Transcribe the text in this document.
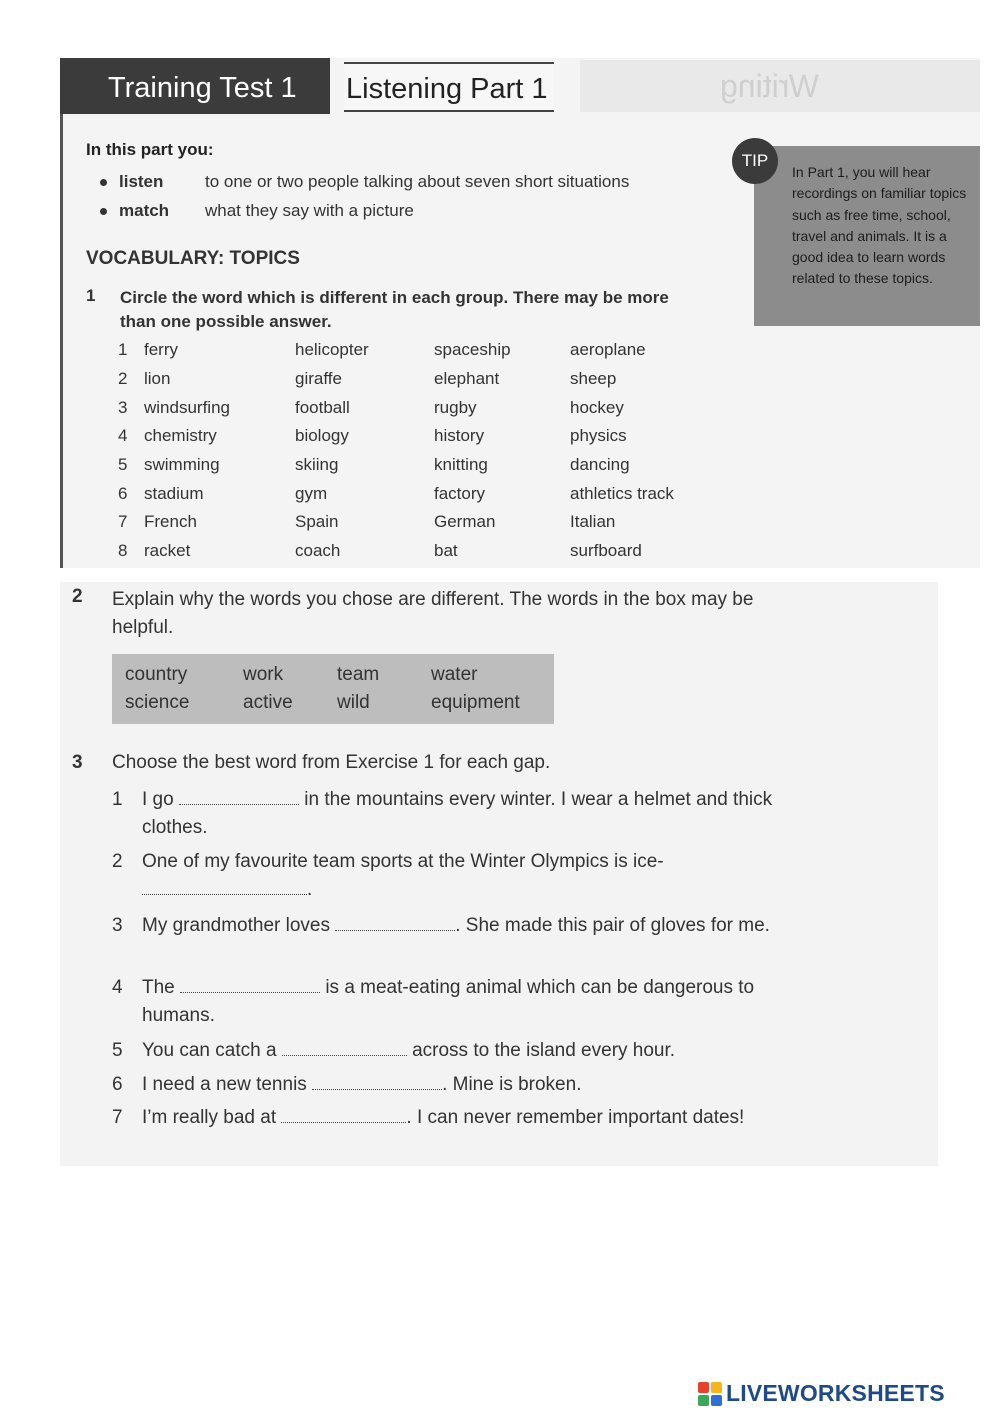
Writing
Training Test 1	Listening Part 1
In this part you:
listen to one or two people talking about seven short situations
match what they say with a picture
VOCABULARY: TOPICS
1 Circle the word which is different in each group. There may be more than one possible answer.
1	ferry	helicopter	spaceship	aeroplane
2	lion	giraffe	elephant	sheep
3	windsurfing	football	rugby	hockey
4	chemistry	biology	history	physics
5	swimming	skiing	knitting	dancing
6	stadium	gym	factory	athletics track
7	French	Spain	German	Italian
8	racket	coach	bat	surfboard
In Part 1, you will hear recordings on familiar topics such as free time, school, travel and animals. It is a good idea to learn words related to these topics.
TIP
2 Explain why the words you chose are different. The words in the box may be helpful.
country	work	team	water
science	active	wild	equipment
3 Choose the best word from Exercise 1 for each gap.
1 I go	in the mountains every winter. I wear a helmet and thick clothes.
2 One of my favourite team sports at the Winter Olympics is ice-.
3 My grandmother loves	. She made this pair of gloves for me.
4 The	is a meat-eating animal which can be dangerous to humans.
5 You can catch a	across to the island every hour.
6 I need a new tennis	. Mine is broken.
7 I’m really bad at	. I can never remember important dates!
LIVEWORKSHEETS
